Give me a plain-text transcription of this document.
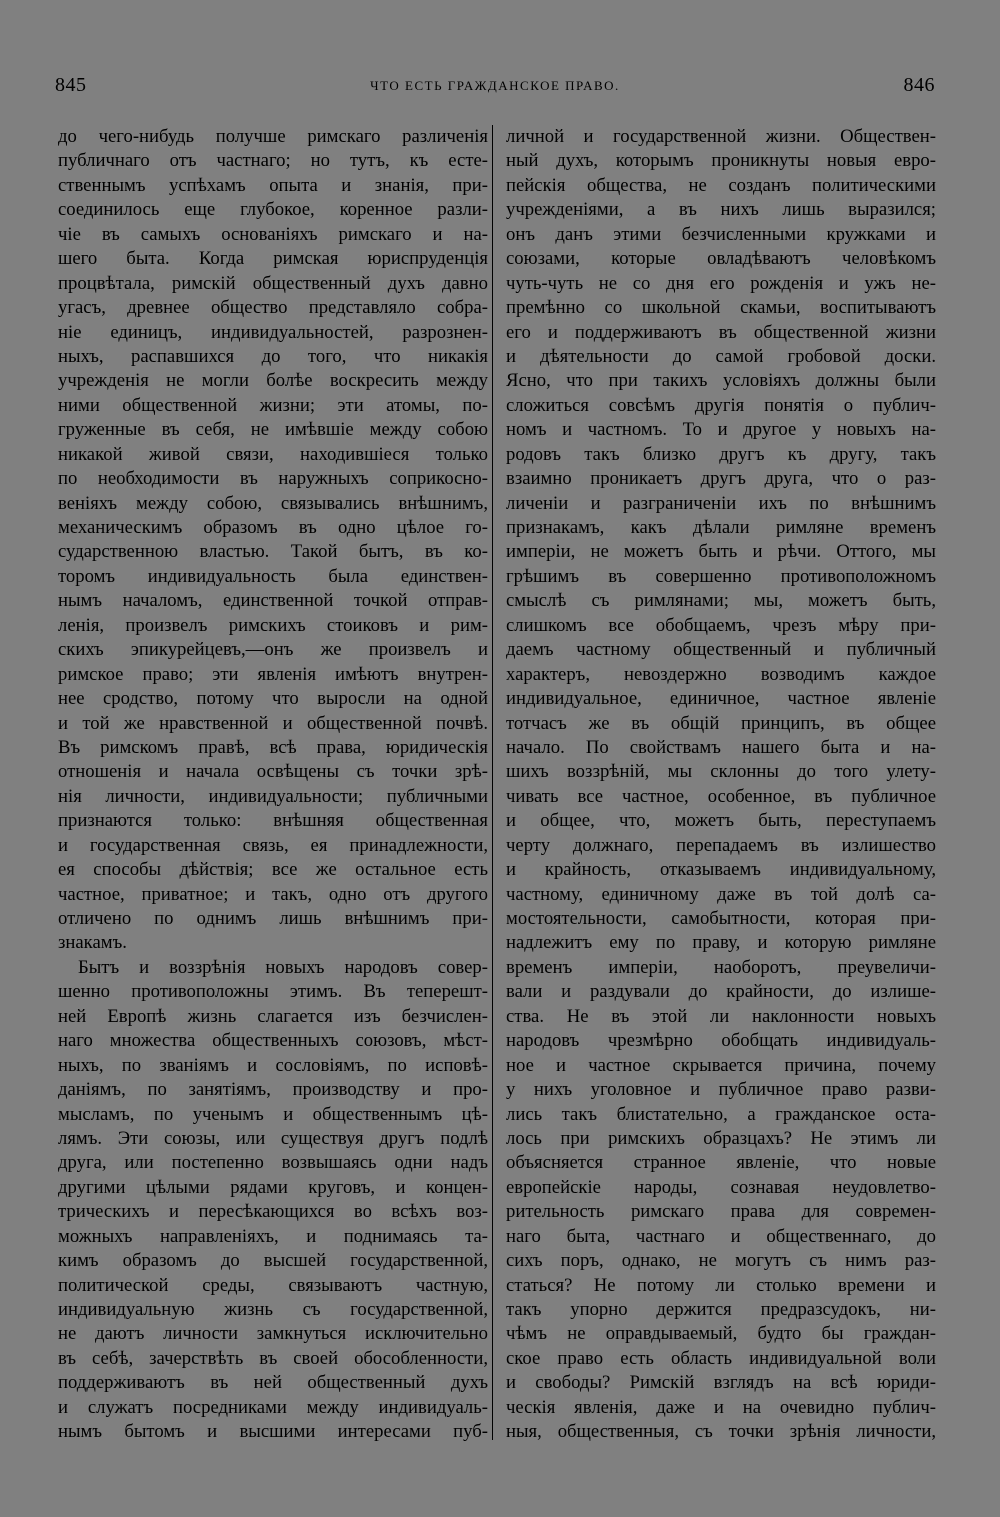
845	ЧТО ЕСТЬ ГРАЖДАНСКОЕ ПРАВО.	846
до чего-нибудь получше римскаго различенія
публичнаго отъ частнаго; но тутъ, къ есте-
ственнымъ успѣхамъ опыта и знанія, при-
соединилось еще глубокое, коренное разли-
чіе въ самыхъ основаніяхъ римскаго и на-
шего быта. Когда римская юриспруденція
процвѣтала, римскій общественный духъ давно
угасъ, древнее общество представляло собра-
ніе единицъ, индивидуальностей, разрознен-
ныхъ, распавшихся до того, что никакія
учрежденія не могли болѣе воскресить между
ними общественной жизни; эти атомы, по-
груженные въ себя, не имѣвшіе между собою
никакой живой связи, находившіеся только
по необходимости въ наружныхъ соприкосно-
веніяхъ между собою, связывались внѣшнимъ,
механическимъ образомъ въ одно цѣлое го-
сударственною властью. Такой бытъ, въ ко-
торомъ индивидуальность была единствен-
нымъ началомъ, единственной точкой отправ-
ленія, произвелъ римскихъ стоиковъ и рим-
скихъ эпикурейцевъ,—онъ же произвелъ и
римское право; эти явленія имѣютъ внутрен-
нее сродство, потому что выросли на одной
и той же нравственной и общественной почвѣ.
Въ римскомъ правѣ, всѣ права, юридическія
отношенія и начала освѣщены съ точки зрѣ-
нія личности, индивидуальности; публичными
признаются только: внѣшняя общественная
и государственная связь, ея принадлежности,
ея способы дѣйствія; все же остальное есть
частное, приватное; и такъ, одно отъ другого
отличено по однимъ лишь внѣшнимъ при-
знакамъ.
Бытъ и воззрѣнія новыхъ народовъ совер-
шенно противоположны этимъ. Въ теперешт-
ней Европѣ жизнь слагается изъ безчислен-
наго множества общественныхъ союзовъ, мѣст-
ныхъ, по званіямъ и сословіямъ, по исповѣ-
даніямъ, по занятіямъ, производству и про-
мысламъ, по ученымъ и общественнымъ цѣ-
лямъ. Эти союзы, или существуя другъ подлѣ
друга, или постепенно возвышаясь одни надъ
другими цѣлыми рядами круговъ, и концен-
трическихъ и пересѣкающихся во всѣхъ воз-
можныхъ направленіяхъ, и поднимаясь та-
кимъ образомъ до высшей государственной,
политической среды, связываютъ частную,
индивидуальную жизнь съ государственной,
не даютъ личности замкнуться исключительно
въ себѣ, зачерствѣть въ своей обособленности,
поддерживаютъ въ ней общественный духъ
и служатъ посредниками между индивидуаль-
нымъ бытомъ и высшими интересами пуб-
личной и государственной жизни. Обществен-
ный духъ, которымъ проникнуты новыя евро-
пейскія общества, не созданъ политическими
учрежденіями, а въ нихъ лишь выразился;
онъ данъ этими безчисленными кружками и
союзами, которые овладѣваютъ человѣкомъ
чуть-чуть не со дня его рожденія и ужъ не-
премѣнно со школьной скамьи, воспитываютъ
его и поддерживаютъ въ общественной жизни
и дѣятельности до самой гробовой доски.
Ясно, что при такихъ условіяхъ должны были
сложиться совсѣмъ другія понятія о публич-
номъ и частномъ. То и другое у новыхъ на-
родовъ такъ близко другъ къ другу, такъ
взаимно проникаетъ другъ друга, что о раз-
личеніи и разграниченіи ихъ по внѣшнимъ
признакамъ, какъ дѣлали римляне временъ
имперіи, не можетъ быть и рѣчи. Оттого, мы
грѣшимъ въ совершенно противоположномъ
смыслѣ съ римлянами; мы, можетъ быть,
слишкомъ все обобщаемъ, чрезъ мѣру при-
даемъ частному общественный и публичный
характеръ, невоздержно возводимъ каждое
индивидуальное, единичное, частное явленіе
тотчасъ же въ общій принципъ, въ общее
начало. По свойствамъ нашего быта и на-
шихъ воззрѣній, мы склонны до того улету-
чивать все частное, особенное, въ публичное
и общее, что, можетъ быть, переступаемъ
черту должнаго, перепадаемъ въ излишество
и крайность, отказываемъ индивидуальному,
частному, единичному даже въ той долѣ са-
мостоятельности, самобытности, которая при-
надлежитъ ему по праву, и которую римляне
временъ имперіи, наоборотъ, преувеличи-
вали и раздували до крайности, до излише-
ства. Не въ этой ли наклонности новыхъ
народовъ чрезмѣрно обобщать индивидуаль-
ное и частное скрывается причина, почему
у нихъ уголовное и публичное право разви-
лись такъ блистательно, а гражданское оста-
лось при римскихъ образцахъ? Не этимъ ли
объясняется странное явленіе, что новые
европейскіе народы, сознавая неудовлетво-
рительность римскаго права для современ-
наго быта, частнаго и общественнаго, до
сихъ поръ, однако, не могутъ съ нимъ раз-
статься? Не потому ли столько времени и
такъ упорно держится предразсудокъ, ни-
чѣмъ не оправдываемый, будто бы граждан-
ское право есть область индивидуальной воли
и свободы? Римскій взглядъ на всѣ юриди-
ческія явленія, даже и на очевидно публич-
ныя, общественныя, съ точки зрѣнія личности,
